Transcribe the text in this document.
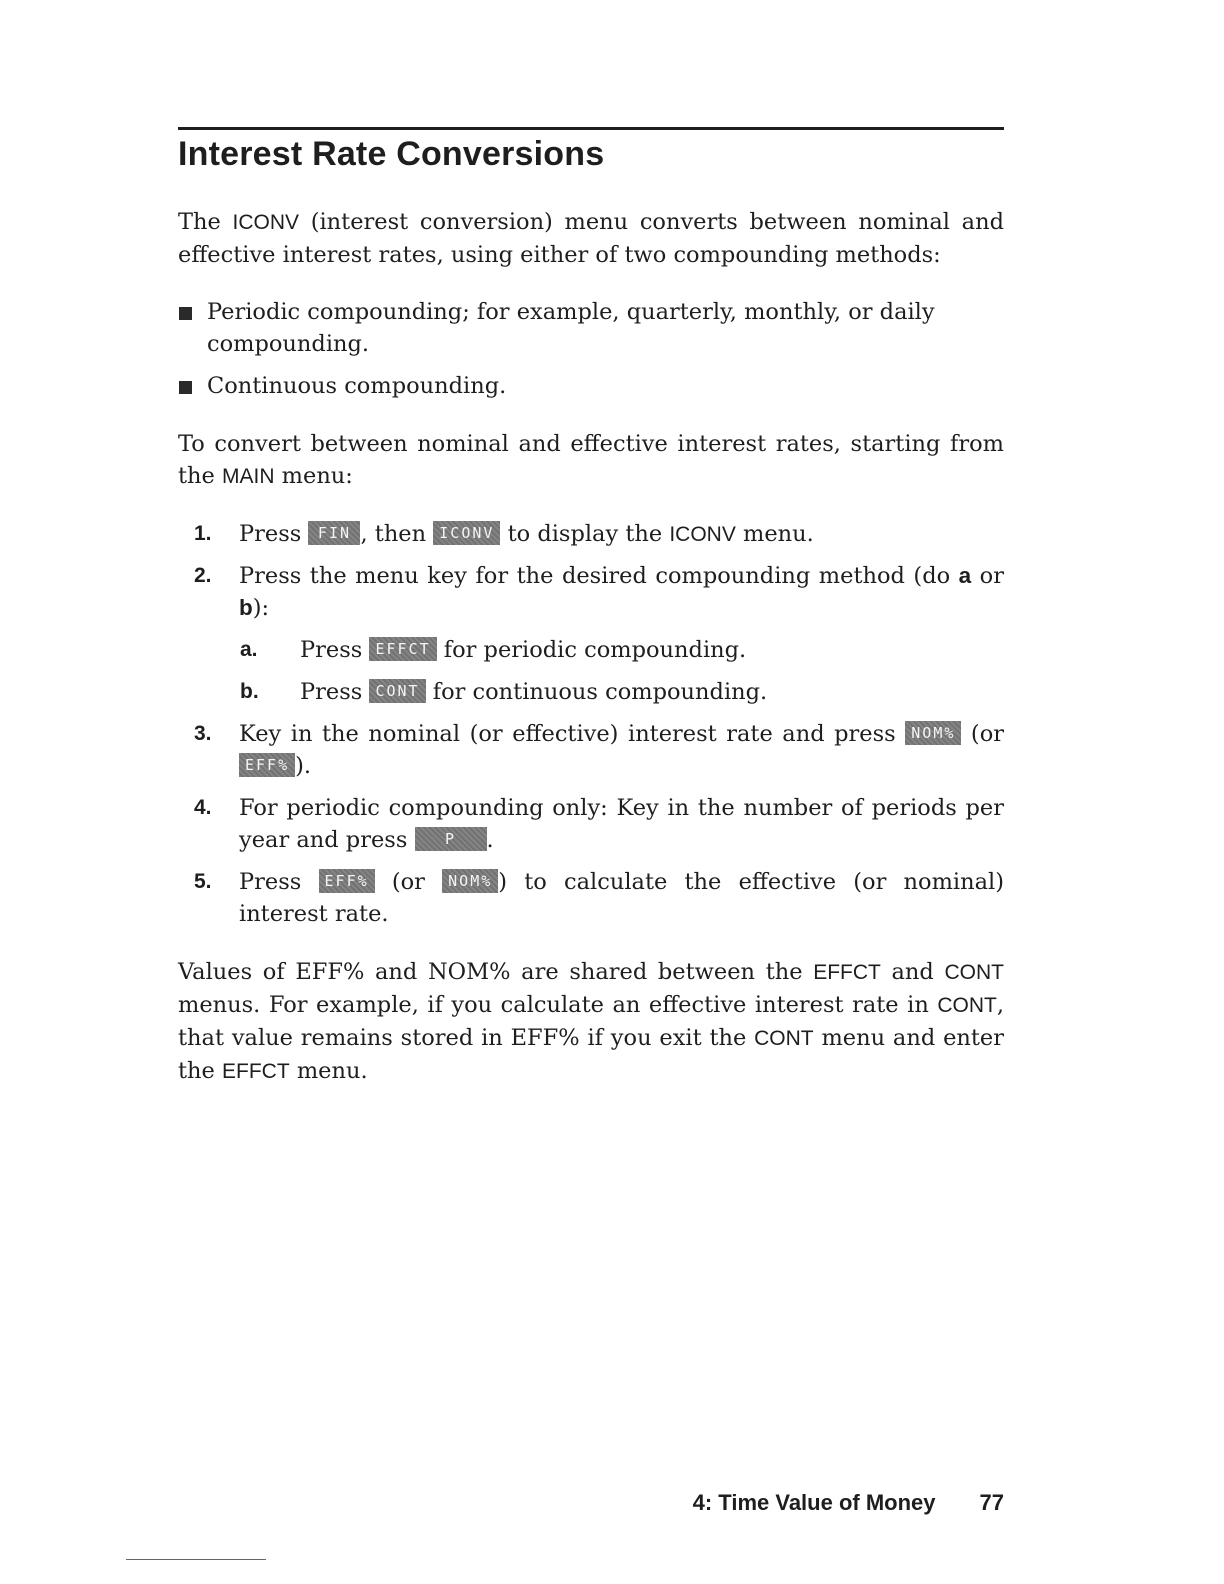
Interest Rate Conversions

The ICONV (interest conversion) menu converts between nominal and effective interest rates, using either of two compounding methods:

Periodic compounding; for example, quarterly, monthly, or daily compounding.

Continuous compounding.

To convert between nominal and effective interest rates, starting from the MAIN menu:

1.	Press FIN , then ICONV to display the ICONV menu.

2.	Press the menu key for the desired compounding method (do a or b):

a.	Press EFFCT for periodic compounding.

b.	Press CONT for continuous compounding.

3.	Key in the nominal (or effective) interest rate and press NOM% (or EFF% ).

4.	For periodic compounding only: Key in the number of periods per year and press P .

5.	Press EFF% (or NOM% ) to calculate the effective (or nominal) interest rate.

Values of EFF% and NOM% are shared between the EFFCT and CONT menus. For example, if you calculate an effective interest rate in CONT, that value remains stored in EFF% if you exit the CONT menu and enter the EFFCT menu.

4: Time Value of Money 77
